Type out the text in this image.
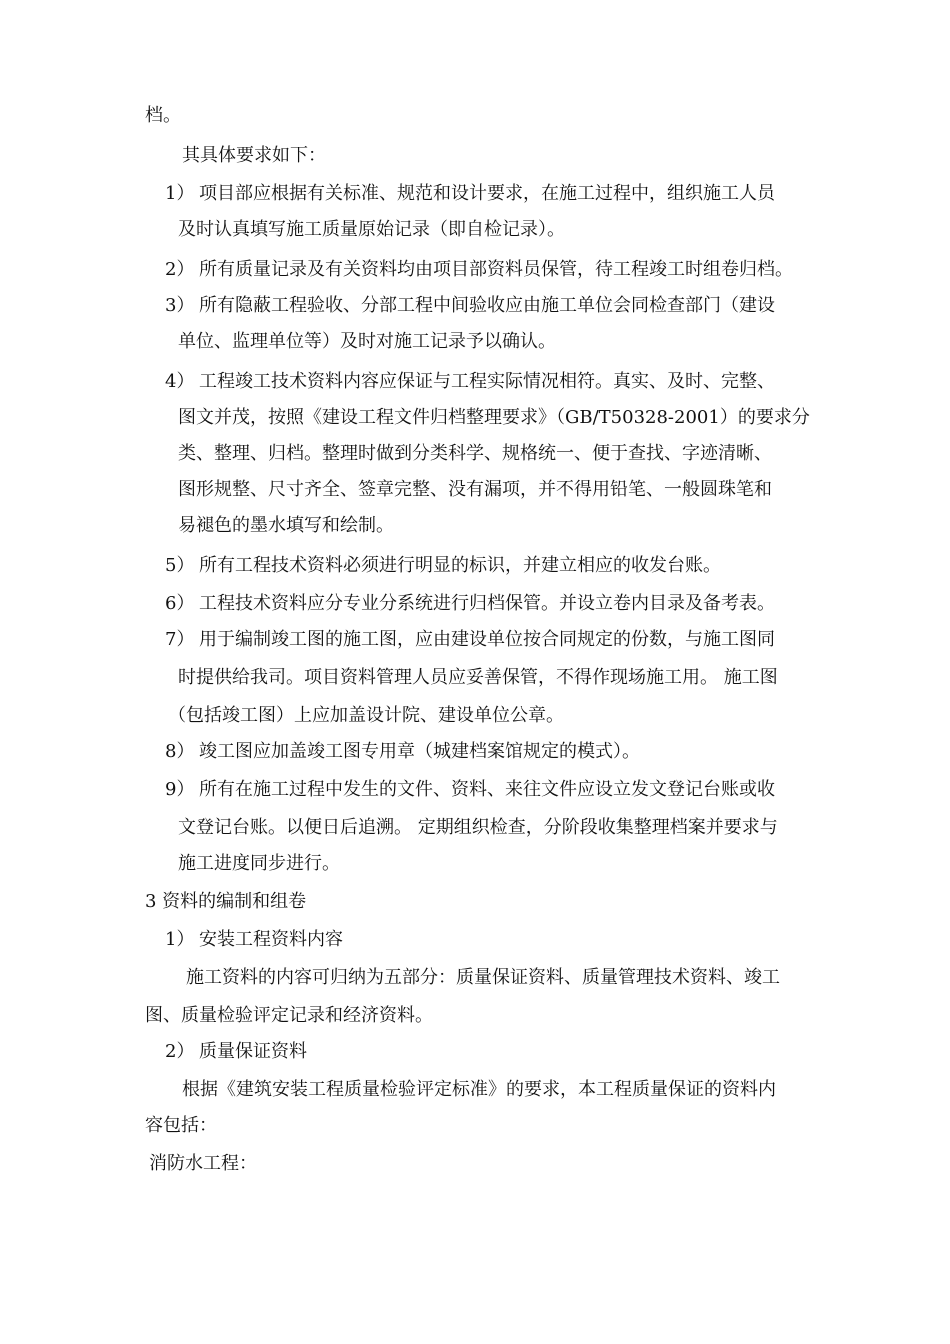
档。
其具体要求如下：
1） 项目部应根据有关标准、规范和设计要求，在施工过程中，组织施工人员
及时认真填写施工质量原始记录（即自检记录）。
2） 所有质量记录及有关资料均由项目部资料员保管，待工程竣工时组卷归档。
3） 所有隐蔽工程验收、分部工程中间验收应由施工单位会同检查部门（建设
单位、监理单位等）及时对施工记录予以确认。
4） 工程竣工技术资料内容应保证与工程实际情况相符。真实、及时、完整、
图文并茂，按照《建设工程文件归档整理要求》（GB/T50328-2001）的要求分
类、整理、归档。整理时做到分类科学、规格统一、便于查找、字迹清晰、
图形规整、尺寸齐全、签章完整、没有漏项，并不得用铅笔、一般圆珠笔和
易褪色的墨水填写和绘制。
5） 所有工程技术资料必须进行明显的标识，并建立相应的收发台账。
6） 工程技术资料应分专业分系统进行归档保管。并设立卷内目录及备考表。
7） 用于编制竣工图的施工图，应由建设单位按合同规定的份数，与施工图同
时提供给我司。项目资料管理人员应妥善保管，不得作现场施工用。 施工图
（包括竣工图）上应加盖设计院、建设单位公章。
8） 竣工图应加盖竣工图专用章（城建档案馆规定的模式）。
9） 所有在施工过程中发生的文件、资料、来往文件应设立发文登记台账或收
文登记台账。以便日后追溯。 定期组织检查，分阶段收集整理档案并要求与
施工进度同步进行。
3 资料的编制和组卷
1） 安装工程资料内容
施工资料的内容可归纳为五部分：质量保证资料、质量管理技术资料、竣工
图、质量检验评定记录和经济资料。
2） 质量保证资料
根据《建筑安装工程质量检验评定标准》的要求，本工程质量保证的资料内
容包括：
消防水工程：
